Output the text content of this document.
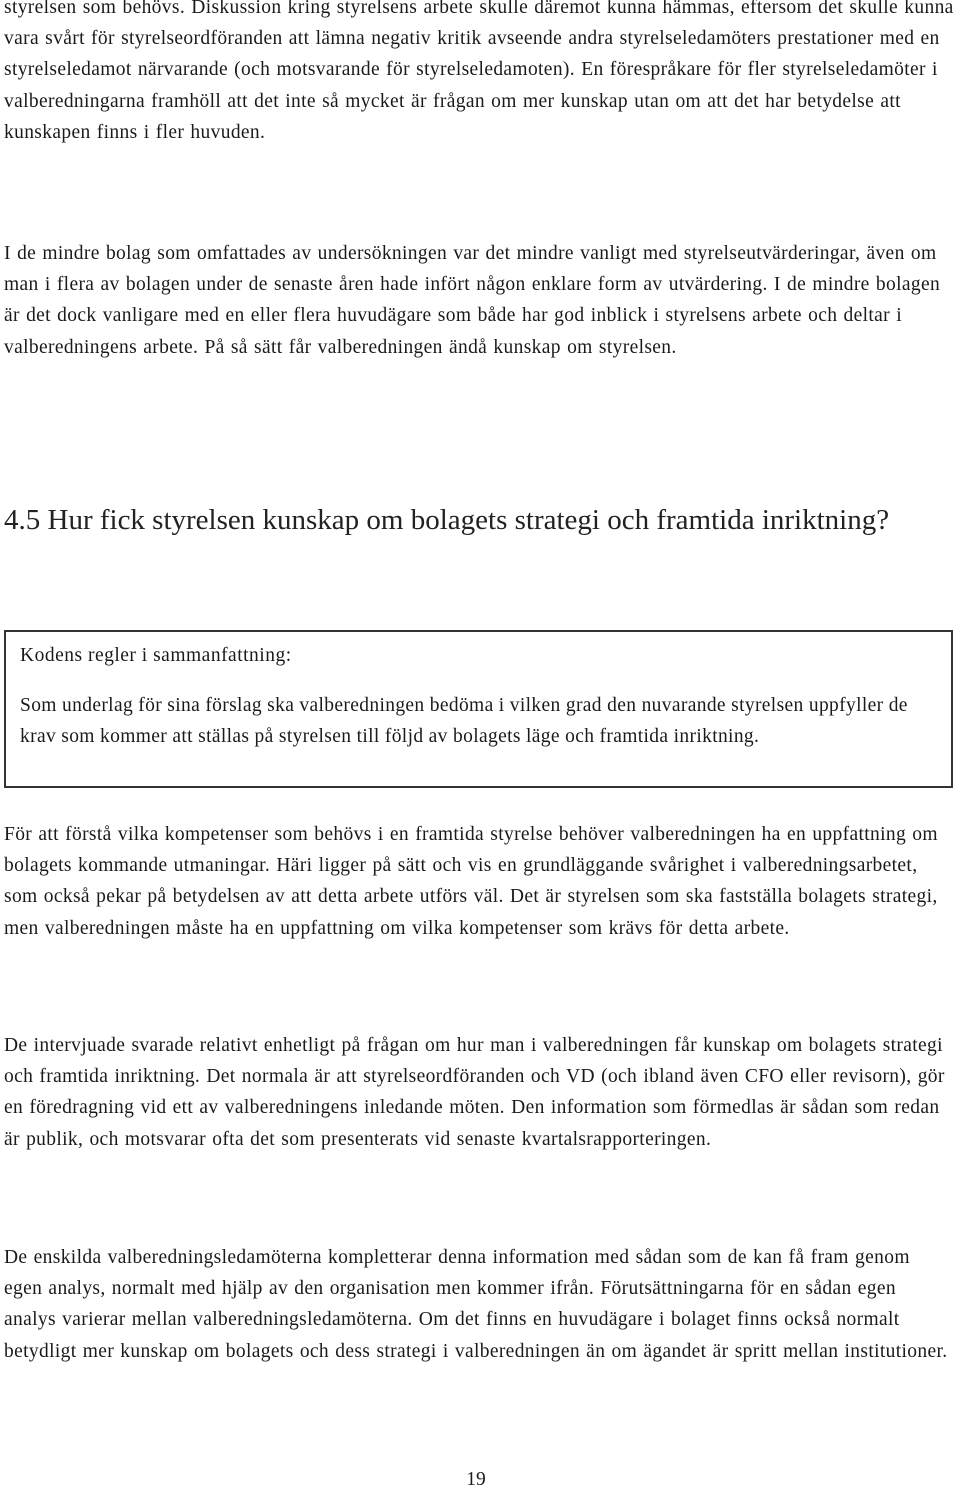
styrelsen som behövs. Diskussion kring styrelsens arbete skulle däremot kunna hämmas, eftersom det skulle kunna vara svårt för styrelseordföranden att lämna negativ kritik avseende andra styrelseledamöters prestationer med en styrelseledamot närvarande (och motsvarande för styrelseledamoten). En förespråkare för fler styrelseledamöter i valberedningarna framhöll att det inte så mycket är frågan om mer kunskap utan om att det har betydelse att kunskapen finns i fler huvuden.

I de mindre bolag som omfattades av undersökningen var det mindre vanligt med styrelseutvärderingar, även om man i flera av bolagen under de senaste åren hade infört någon enklare form av utvärdering. I de mindre bolagen är det dock vanligare med en eller flera huvudägare som både har god inblick i styrelsens arbete och deltar i valberedningens arbete. På så sätt får valberedningen ändå kunskap om styrelsen.

4.5 Hur fick styrelsen kunskap om bolagets strategi och framtida inriktning?

Kodens regler i sammanfattning:

Som underlag för sina förslag ska valberedningen bedöma i vilken grad den nuvarande styrelsen uppfyller de krav som kommer att ställas på styrelsen till följd av bolagets läge och framtida inriktning.

För att förstå vilka kompetenser som behövs i en framtida styrelse behöver valberedningen ha en uppfattning om bolagets kommande utmaningar. Häri ligger på sätt och vis en grundläggande svårighet i valberedningsarbetet, som också pekar på betydelsen av att detta arbete utförs väl. Det är styrelsen som ska fastställa bolagets strategi, men valberedningen måste ha en uppfattning om vilka kompetenser som krävs för detta arbete.

De intervjuade svarade relativt enhetligt på frågan om hur man i valberedningen får kunskap om bolagets strategi och framtida inriktning. Det normala är att styrelseordföranden och VD (och ibland även CFO eller revisorn), gör en föredragning vid ett av valberedningens inledande möten. Den information som förmedlas är sådan som redan är publik, och motsvarar ofta det som presenterats vid senaste kvartalsrapporteringen.

De enskilda valberedningsledamöterna kompletterar denna information med sådan som de kan få fram genom egen analys, normalt med hjälp av den organisation men kommer ifrån. Förutsättningarna för en sådan egen analys varierar mellan valberedningsledamöterna. Om det finns en huvudägare i bolaget finns också normalt betydligt mer kunskap om bolagets och dess strategi i valberedningen än om ägandet är spritt mellan institutioner.

19
